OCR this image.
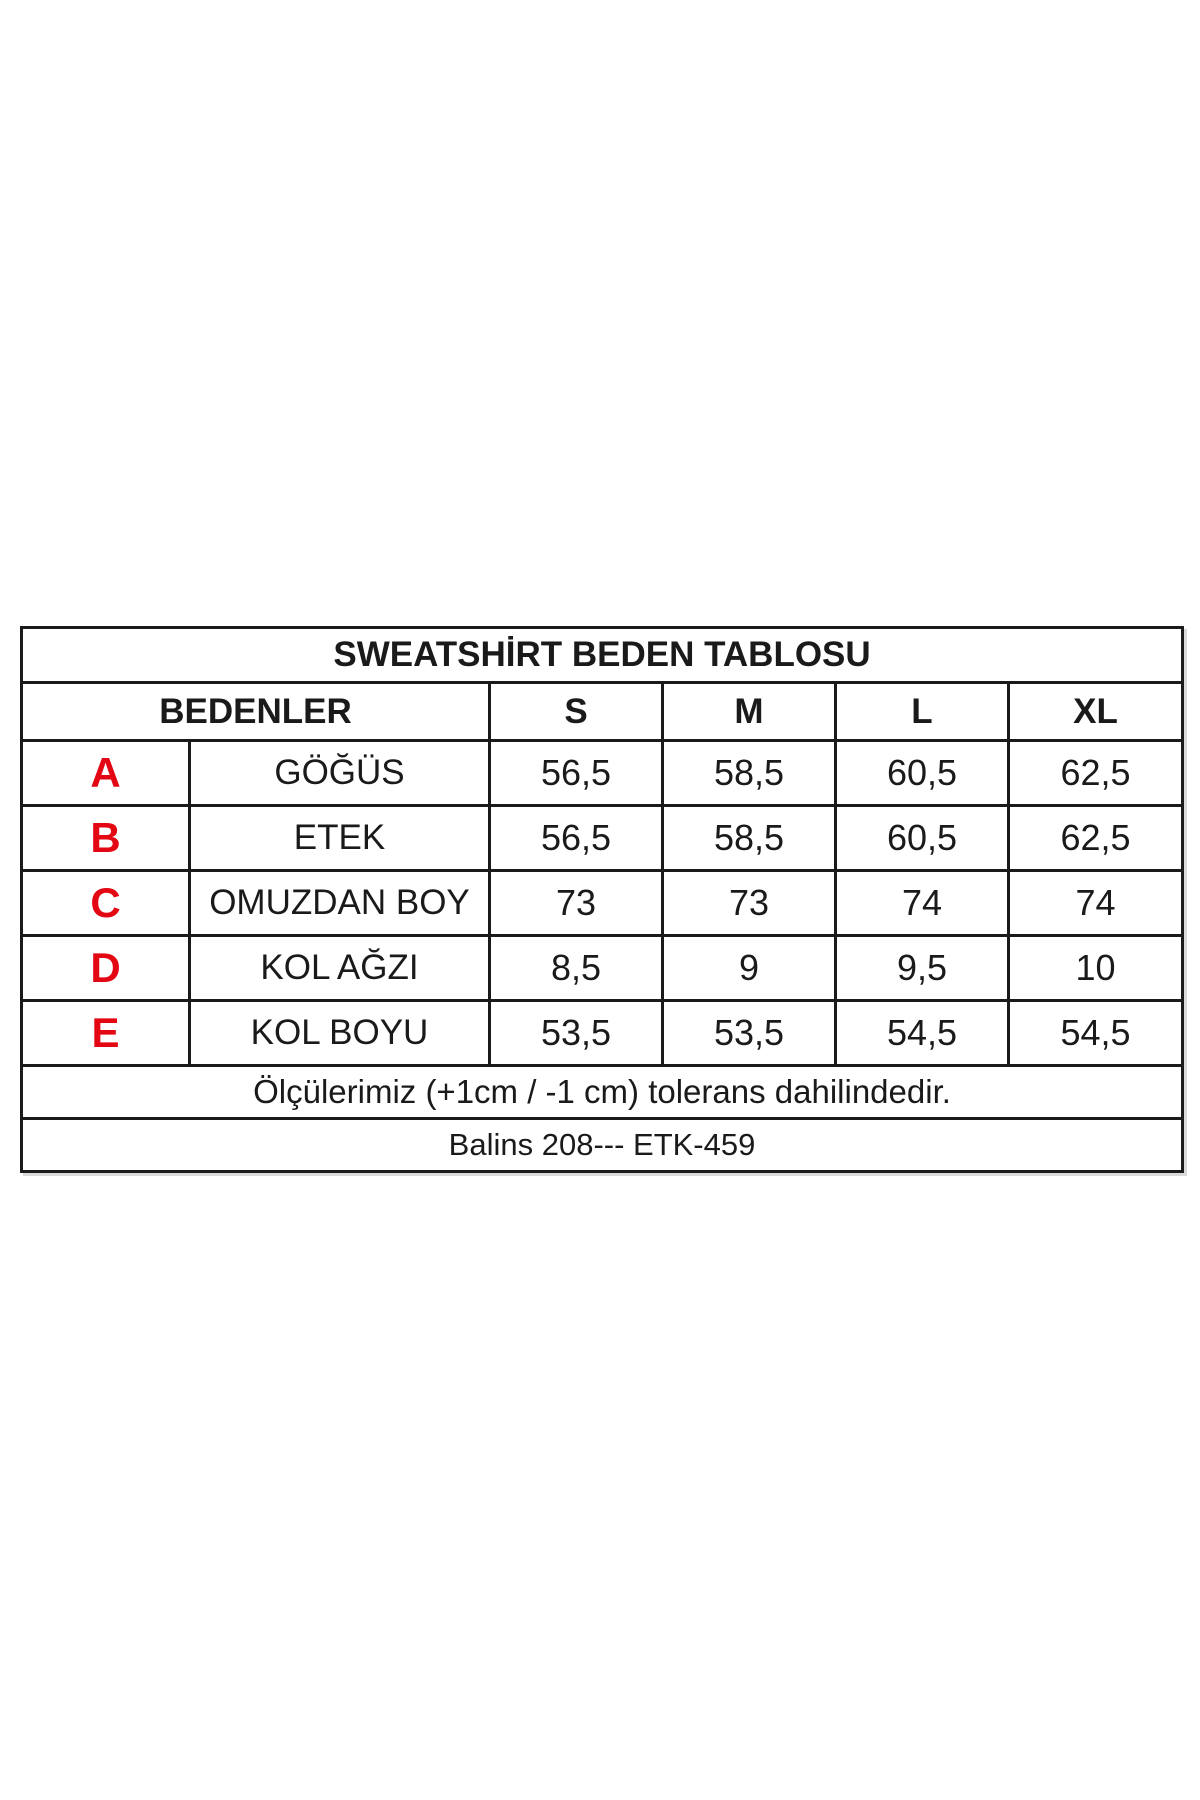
SWEATSHİRT BEDEN TABLOSU					
BEDENLER		S	M	L	XL
A	GÖĞÜS	56,5	58,5	60,5	62,5
B	ETEK	56,5	58,5	60,5	62,5
C	OMUZDAN BOY	73	73	74	74
D	KOL AĞZI	8,5	9	9,5	10
E	KOL BOYU	53,5	53,5	54,5	54,5
Ölçülerimiz (+1cm / -1 cm) tolerans dahilindedir.					
Balins 208--- ETK-459					
